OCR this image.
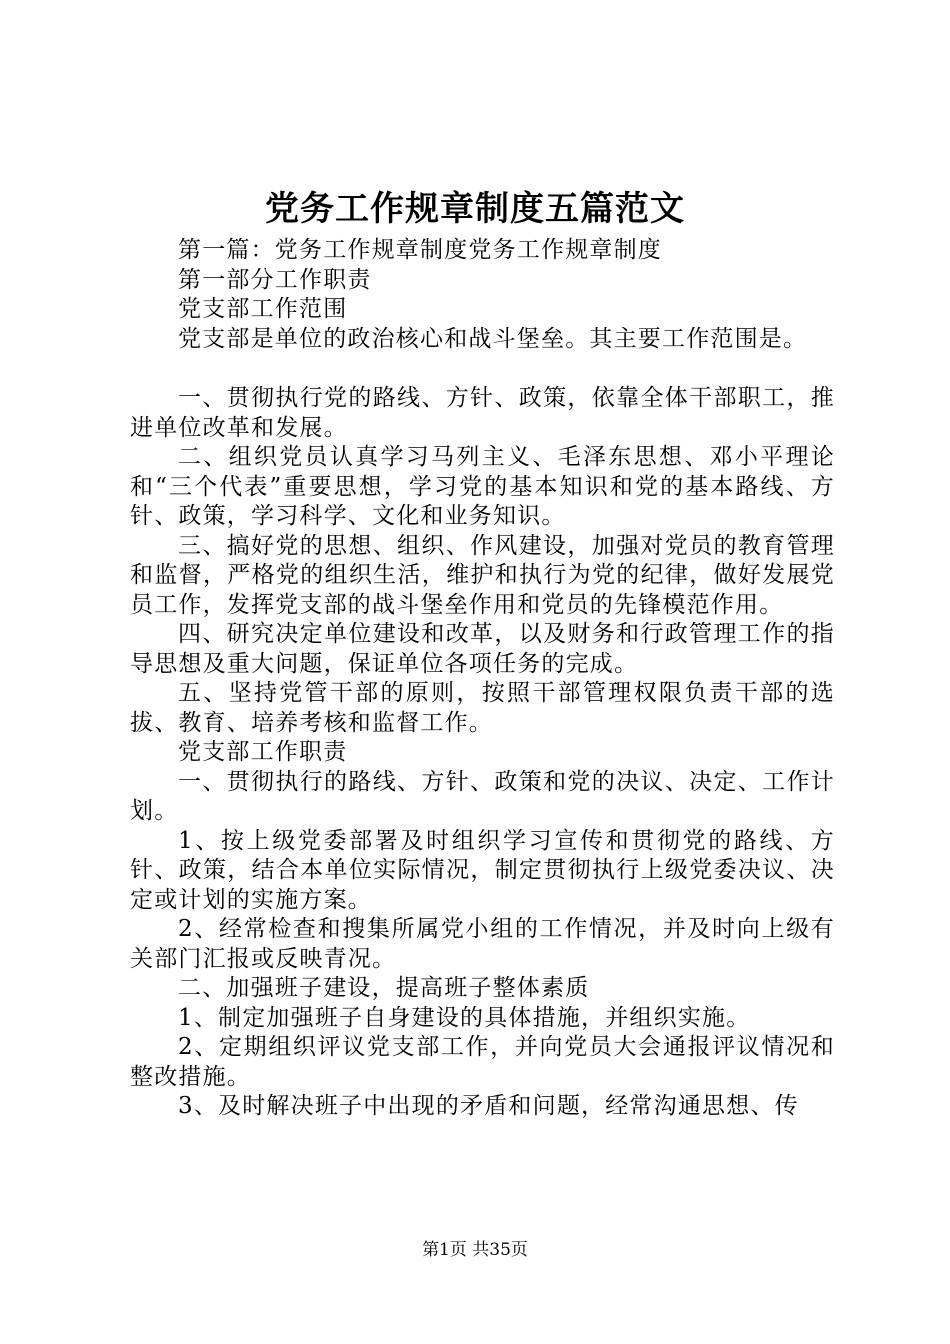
党务工作规章制度五篇范文

第一篇：党务工作规章制度党务工作规章制度

第一部分工作职责

党支部工作范围

党支部是单位的政治核心和战斗堡垒。其主要工作范围是。

一、贯彻执行党的路线、方针、政策，依靠全体干部职工，推进单位改革和发展。

二、组织党员认真学习马列主义、毛泽东思想、邓小平理论和“三个代表”重要思想，学习党的基本知识和党的基本路线、方针、政策，学习科学、文化和业务知识。

三、搞好党的思想、组织、作风建设，加强对党员的教育管理和监督，严格党的组织生活，维护和执行为党的纪律，做好发展党员工作，发挥党支部的战斗堡垒作用和党员的先锋模范作用。

四、研究决定单位建设和改革，以及财务和行政管理工作的指导思想及重大问题，保证单位各项任务的完成。

五、坚持党管干部的原则，按照干部管理权限负责干部的选拔、教育、培养考核和监督工作。

党支部工作职责

一、贯彻执行的路线、方针、政策和党的决议、决定、工作计划。

1、按上级党委部署及时组织学习宣传和贯彻党的路线、方针、政策，结合本单位实际情况，制定贯彻执行上级党委决议、决定或计划的实施方案。

2、经常检查和搜集所属党小组的工作情况，并及时向上级有关部门汇报或反映青况。

二、加强班子建设，提高班子整体素质

1、制定加强班子自身建设的具体措施，并组织实施。

2、定期组织评议党支部工作，并向党员大会通报评议情况和整改措施。

3、及时解决班子中出现的矛盾和问题，经常沟通思想、传

第1页 共35页
